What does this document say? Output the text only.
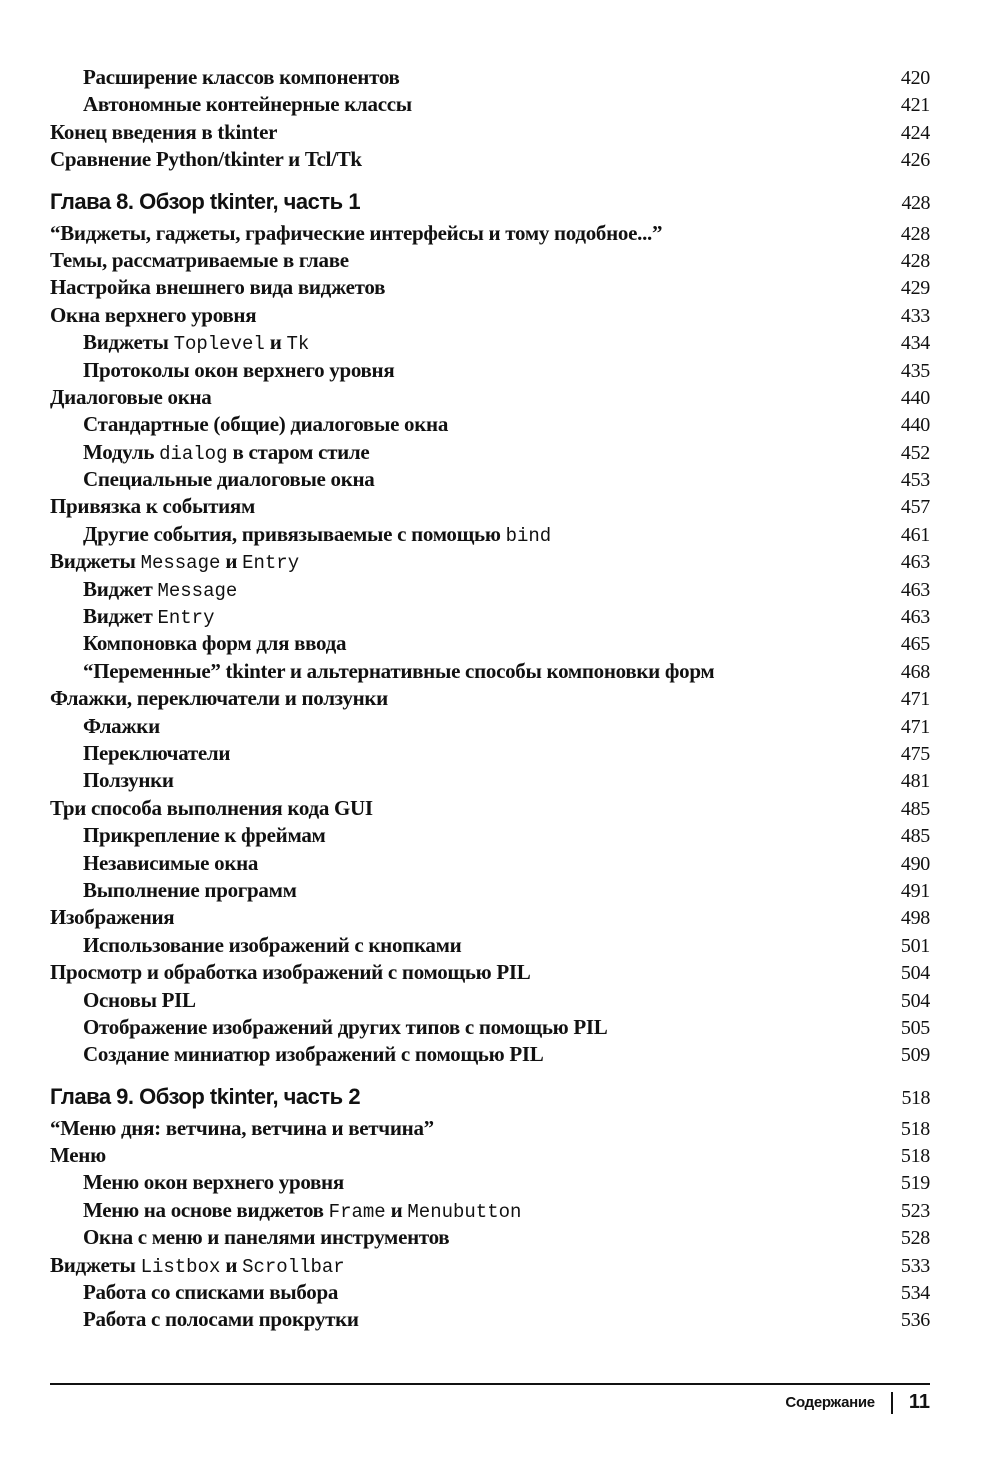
Расширение классов компонентов	420
Автономные контейнерные классы	421
Конец введения в tkinter	424
Сравнение Python/tkinter и Tcl/Tk	426
Глава 8. Обзор tkinter, часть 1	428
“Виджеты, гаджеты, графические интерфейсы и тому подобное...”	428
Темы, рассматриваемые в главе	428
Настройка внешнего вида виджетов	429
Окна верхнего уровня	433
Виджеты Toplevel и Tk	434
Протоколы окон верхнего уровня	435
Диалоговые окна	440
Стандартные (общие) диалоговые окна	440
Модуль dialog в старом стиле	452
Специальные диалоговые окна	453
Привязка к событиям	457
Другие события, привязываемые с помощью bind	461
Виджеты Message и Entry	463
Виджет Message	463
Виджет Entry	463
Компоновка форм для ввода	465
“Переменные” tkinter и альтернативные способы компоновки форм	468
Флажки, переключатели и ползунки	471
Флажки	471
Переключатели	475
Ползунки	481
Три способа выполнения кода GUI	485
Прикрепление к фреймам	485
Независимые окна	490
Выполнение программ	491
Изображения	498
Использование изображений с кнопками	501
Просмотр и обработка изображений с помощью PIL	504
Основы PIL	504
Отображение изображений других типов с помощью PIL	505
Создание миниатюр изображений с помощью PIL	509
Глава 9. Обзор tkinter, часть 2	518
“Меню дня: ветчина, ветчина и ветчина”	518
Меню	518
Меню окон верхнего уровня	519
Меню на основе виджетов Frame и Menubutton	523
Окна с меню и панелями инструментов	528
Виджеты Listbox и Scrollbar	533
Работа со списками выбора	534
Работа с полосами прокрутки	536
Содержание 11
